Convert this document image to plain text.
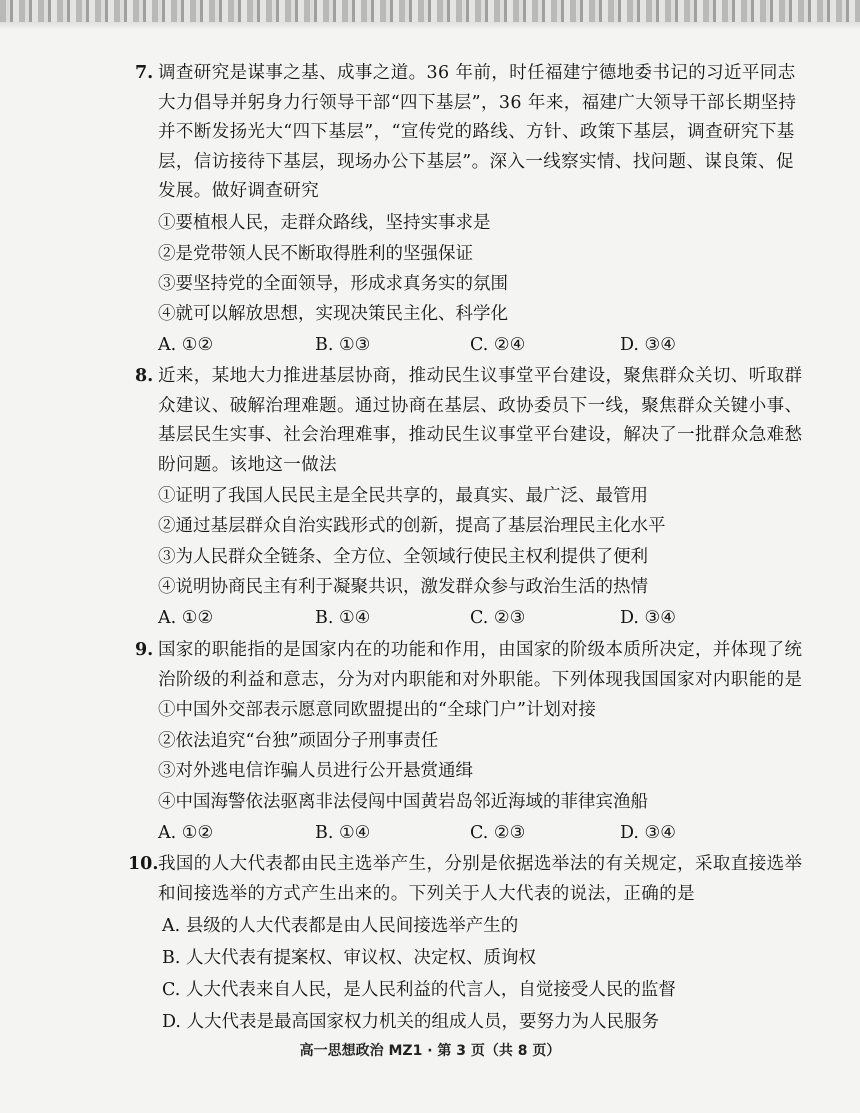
7. 调查研究是谋事之基、成事之道。36 年前，时任福建宁德地委书记的习近平同志大力倡导并躬身力行领导干部“四下基层”，36 年来，福建广大领导干部长期坚持并不断发扬光大“四下基层”，“宣传党的路线、方针、政策下基层，调查研究下基层，信访接待下基层，现场办公下基层”。深入一线察实情、找问题、谋良策、促发展。做好调查研究
①要植根人民，走群众路线，坚持实事求是
②是党带领人民不断取得胜利的坚强保证
③要坚持党的全面领导，形成求真务实的氛围
④就可以解放思想，实现决策民主化、科学化
A. ①②	B. ①③	C. ②④	D. ③④
8. 近来，某地大力推进基层协商，推动民生议事堂平台建设，聚焦群众关切、听取群众建议、破解治理难题。通过协商在基层、政协委员下一线，聚焦群众关键小事、基层民生实事、社会治理难事，推动民生议事堂平台建设，解决了一批群众急难愁盼问题。该地这一做法
①证明了我国人民民主是全民共享的，最真实、最广泛、最管用
②通过基层群众自治实践形式的创新，提高了基层治理民主化水平
③为人民群众全链条、全方位、全领域行使民主权利提供了便利
④说明协商民主有利于凝聚共识，激发群众参与政治生活的热情
A. ①②	B. ①④	C. ②③	D. ③④
9. 国家的职能指的是国家内在的功能和作用，由国家的阶级本质所决定，并体现了统治阶级的利益和意志，分为对内职能和对外职能。下列体现我国国家对内职能的是
①中国外交部表示愿意同欧盟提出的“全球门户”计划对接
②依法追究“台独”顽固分子刑事责任
③对外逃电信诈骗人员进行公开悬赏通缉
④中国海警依法驱离非法侵闯中国黄岩岛邻近海域的菲律宾渔船
A. ①②	B. ①④	C. ②③	D. ③④
10. 我国的人大代表都由民主选举产生，分别是依据选举法的有关规定，采取直接选举和间接选举的方式产生出来的。下列关于人大代表的说法，正确的是
A. 县级的人大代表都是由人民间接选举产生的
B. 人大代表有提案权、审议权、决定权、质询权
C. 人大代表来自人民，是人民利益的代言人，自觉接受人民的监督
D. 人大代表是最高国家权力机关的组成人员，要努力为人民服务
高一思想政治 MZ1 · 第 3 页（共 8 页）
